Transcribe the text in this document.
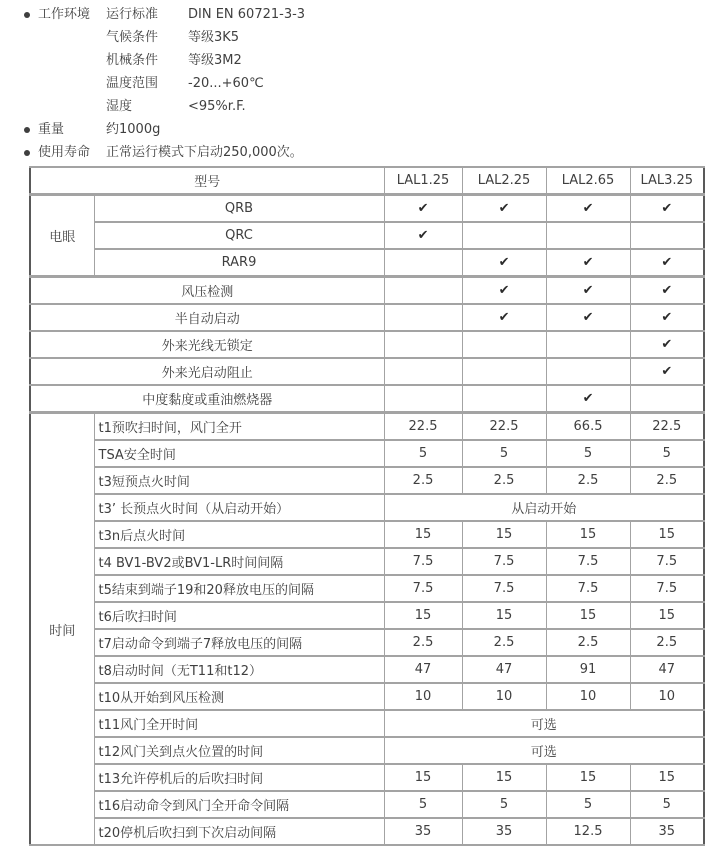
工作环境	运行标准	DIN EN 60721-3-3
气候条件	等级3K5
机械条件	等级3M2
温度范围	-20...+60℃
湿度	<95%r.F.
重量	约1000g
使用寿命	正常运行模式下启动250,000次。
型号		LAL1.25	LAL2.25	LAL2.65	LAL3.25
电眼	QRB	✔	✔	✔	✔
	QRC	✔			
	RAR9		✔	✔	✔
风压检测			✔	✔	✔
半自动启动			✔	✔	✔
外来光线无锁定					✔
外来光启动阻止					✔
中度黏度或重油燃烧器				✔	
时间	t1预吹扫时间，风门全开	22.5	22.5	66.5	22.5
	TSA安全时间	5	5	5	5
	t3短预点火时间	2.5	2.5	2.5	2.5
	t3’ 长预点火时间（从启动开始）	从启动开始			
	t3n后点火时间	15	15	15	15
	t4 BV1-BV2或BV1-LR时间间隔	7.5	7.5	7.5	7.5
	t5结束到端子19和20释放电压的间隔	7.5	7.5	7.5	7.5
	t6后吹扫时间	15	15	15	15
	t7启动命令到端子7释放电压的间隔	2.5	2.5	2.5	2.5
	t8启动时间（无T11和t12）	47	47	91	47
	t10从开始到风压检测	10	10	10	10
	t11风门全开时间	可选			
	t12风门关到点火位置的时间	可选			
	t13允许停机后的后吹扫时间	15	15	15	15
	t16启动命令到风门全开命令间隔	5	5	5	5
	t20停机后吹扫到下次启动间隔	35	35	12.5	35
